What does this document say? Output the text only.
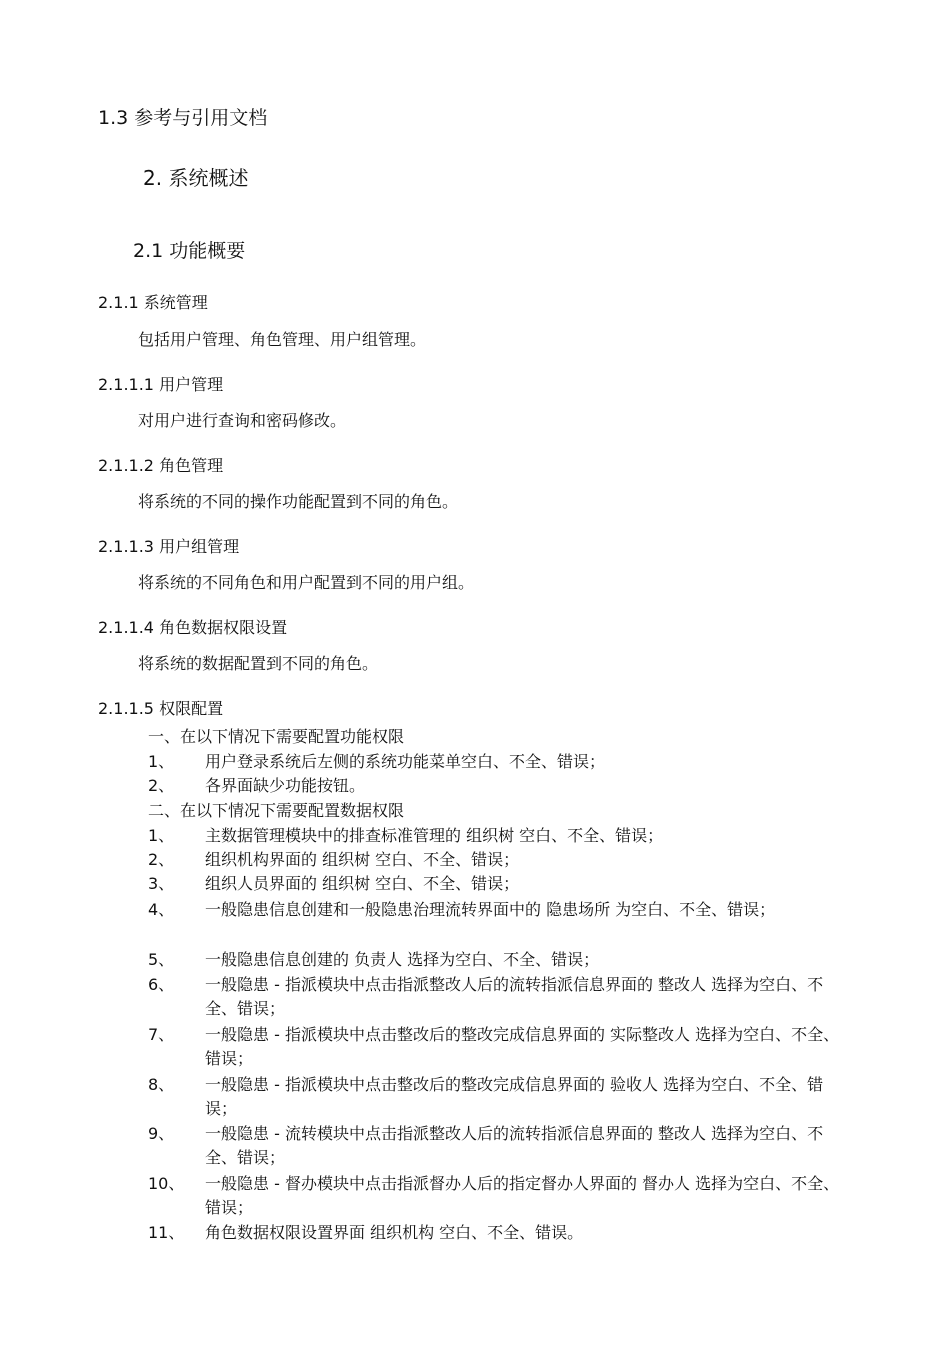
1.3 参考与引用文档
2. 系统概述
2.1 功能概要
2.1.1 系统管理
包括用户管理、角色管理、用户组管理。
2.1.1.1 用户管理
对用户进行查询和密码修改。
2.1.1.2 角色管理
将系统的不同的操作功能配置到不同的角色。
2.1.1.3 用户组管理
将系统的不同角色和用户配置到不同的用户组。
2.1.1.4 角色数据权限设置
将系统的数据配置到不同的角色。
2.1.1.5 权限配置
一、在以下情况下需要配置功能权限
1、 用户登录系统后左侧的系统功能菜单空白、不全、错误；
2、 各界面缺少功能按钮。
二、在以下情况下需要配置数据权限
1、 主数据管理模块中的排查标准管理的 组织树 空白、不全、错误；
2、 组织机构界面的 组织树 空白、不全、错误；
3、 组织人员界面的 组织树 空白、不全、错误；
4、 一般隐患信息创建和一般隐患治理流转界面中的 隐患场所 为空白、不全、错误；
5、 一般隐患信息创建的 负责人 选择为空白、不全、错误；
6、 一般隐患 - 指派模块中点击指派整改人后的流转指派信息界面的 整改人 选择为空白、不全、错误；
7、 一般隐患 - 指派模块中点击整改后的整改完成信息界面的 实际整改人 选择为空白、不全、错误；
8、 一般隐患 - 指派模块中点击整改后的整改完成信息界面的 验收人 选择为空白、不全、错误；
9、 一般隐患 - 流转模块中点击指派整改人后的流转指派信息界面的 整改人 选择为空白、不全、错误；
10、 一般隐患 - 督办模块中点击指派督办人后的指定督办人界面的 督办人 选择为空白、不全、错误；
11、 角色数据权限设置界面 组织机构 空白、不全、错误。
